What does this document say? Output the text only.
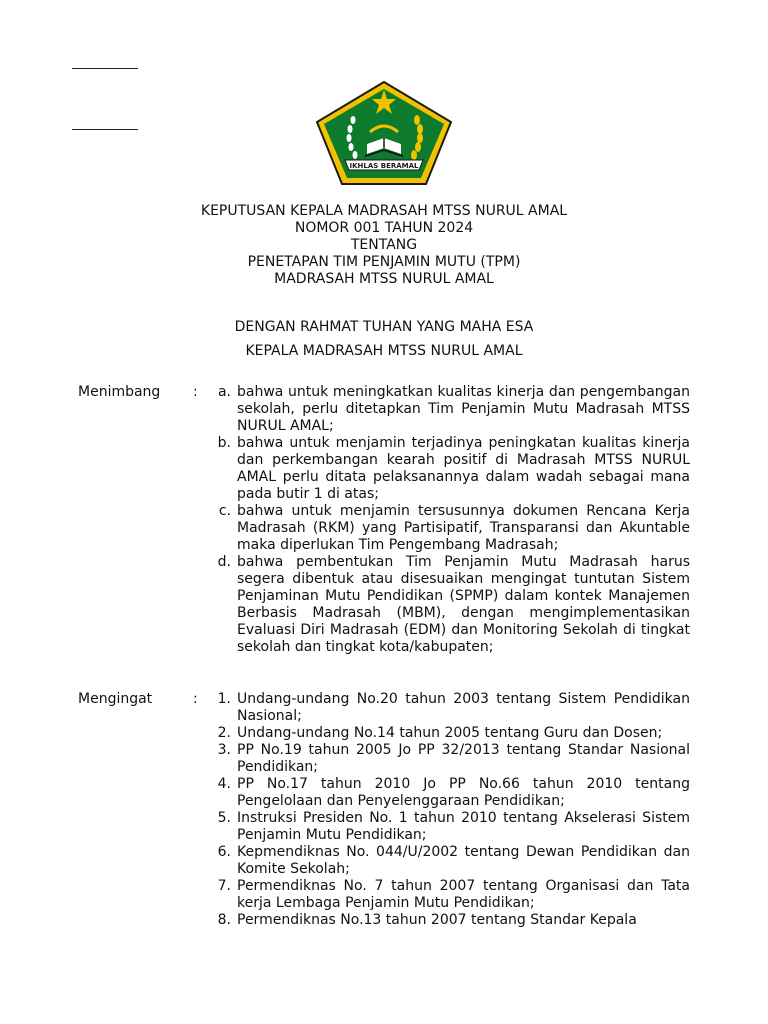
IKHLAS BERAMAL
KEPUTUSAN KEPALA MADRASAH MTSS NURUL AMAL
NOMOR 001 TAHUN 2024
TENTANG
PENETAPAN TIM PENJAMIN MUTU (TPM)
MADRASAH MTSS NURUL AMAL
DENGAN RAHMAT TUHAN YANG MAHA ESA
KEPALA MADRASAH MTSS NURUL AMAL
Menimbang :	a. bahwa untuk meningkatkan kualitas kinerja dan pengembangan sekolah, perlu ditetapkan Tim Penjamin Mutu Madrasah MTSS NURUL AMAL;
b. bahwa untuk menjamin terjadinya peningkatan kualitas kinerja dan perkembangan kearah positif di Madrasah MTSS NURUL AMAL perlu ditata pelaksanannya dalam wadah sebagai mana pada butir 1 di atas;
c. bahwa untuk menjamin tersusunnya dokumen Rencana Kerja Madrasah (RKM) yang Partisipatif, Transparansi dan Akuntable maka diperlukan Tim Pengembang Madrasah;
d. bahwa pembentukan Tim Penjamin Mutu Madrasah harus segera dibentuk atau disesuaikan mengingat tuntutan Sistem Penjaminan Mutu Pendidikan (SPMP) dalam kontek Manajemen Berbasis Madrasah (MBM), dengan mengimplementasikan Evaluasi Diri Madrasah (EDM) dan Monitoring Sekolah di tingkat sekolah dan tingkat kota/kabupaten;
Mengingat	:	1. Undang-undang No.20 tahun 2003 tentang Sistem Pendidikan Nasional;
2. Undang-undang No.14 tahun 2005 tentang Guru dan Dosen;
3. PP No.19 tahun 2005 Jo PP 32/2013 tentang Standar Nasional Pendidikan;
4. PP No.17 tahun 2010 Jo PP No.66 tahun 2010 tentang Pengelolaan dan Penyelenggaraan Pendidikan;
5. Instruksi Presiden No. 1 tahun 2010 tentang Akselerasi Sistem Penjamin Mutu Pendidikan;
6. Kepmendiknas No. 044/U/2002 tentang Dewan Pendidikan dan Komite Sekolah;
7. Permendiknas No. 7 tahun 2007 tentang Organisasi dan Tata kerja Lembaga Penjamin Mutu Pendidikan;
8. Permendiknas No.13 tahun 2007 tentang Standar Kepala
